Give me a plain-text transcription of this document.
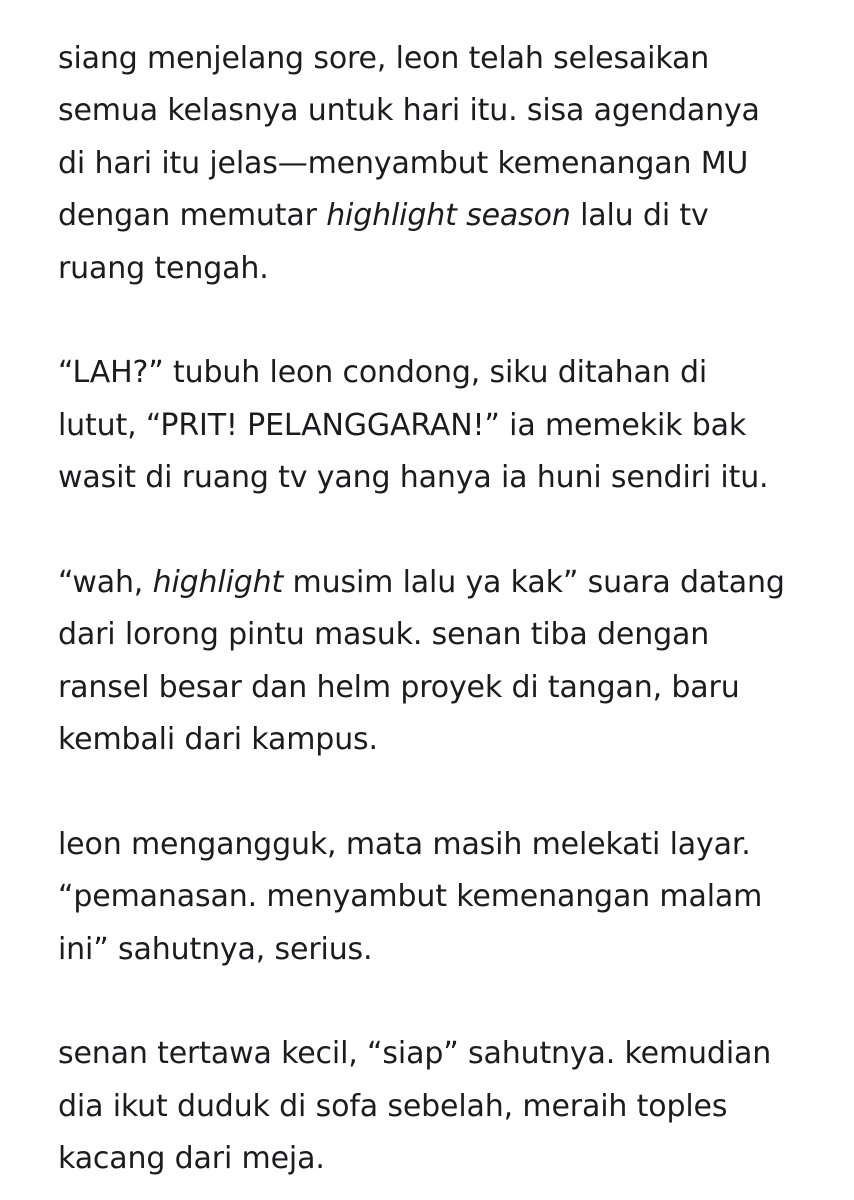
siang menjelang sore, leon telah selesaikan
semua kelasnya untuk hari itu. sisa agendanya
di hari itu jelas—menyambut kemenangan MU
dengan memutar highlight season lalu di tv
ruang tengah.
“LAH?” tubuh leon condong, siku ditahan di
lutut, “PRIT! PELANGGARAN!” ia memekik bak
wasit di ruang tv yang hanya ia huni sendiri itu.
“wah, highlight musim lalu ya kak” suara datang
dari lorong pintu masuk. senan tiba dengan
ransel besar dan helm proyek di tangan, baru
kembali dari kampus.
leon mengangguk, mata masih melekati layar.
“pemanasan. menyambut kemenangan malam
ini” sahutnya, serius.
senan tertawa kecil, “siap” sahutnya. kemudian
dia ikut duduk di sofa sebelah, meraih toples
kacang dari meja.
